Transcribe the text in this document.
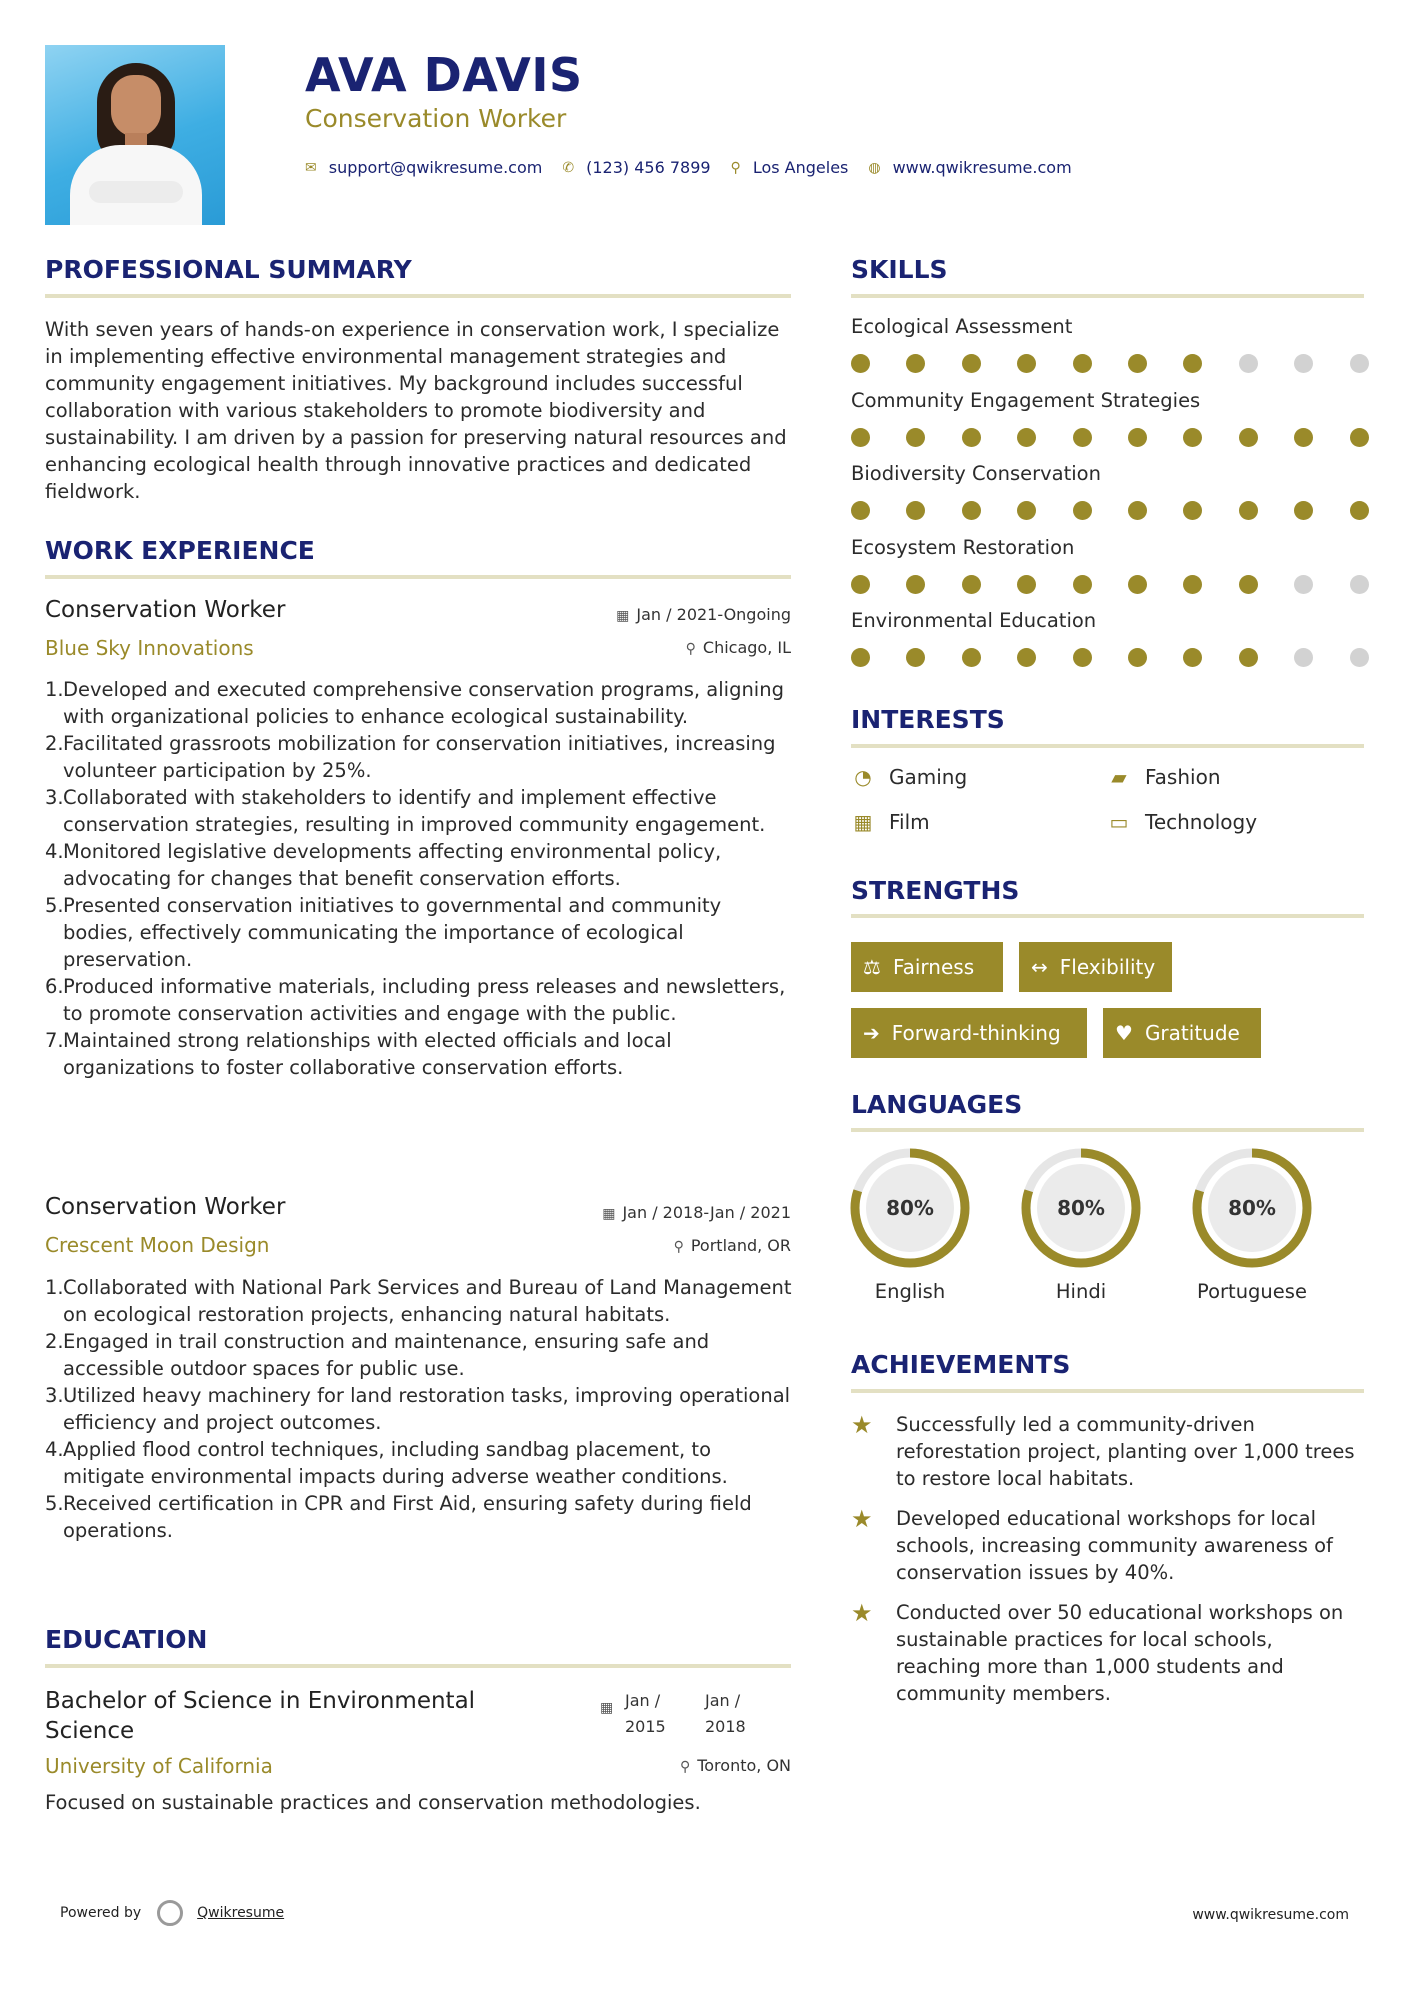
AVA DAVIS
Conservation Worker
✉ support@qwikresume.com ✆ (123) 456 7899 ⚲ Los Angeles ◍ www.qwikresume.com
PROFESSIONAL SUMMARY
With seven years of hands-on experience in conservation work, I specialize in implementing effective environmental management strategies and community engagement initiatives. My background includes successful collaboration with various stakeholders to promote biodiversity and sustainability. I am driven by a passion for preserving natural resources and enhancing ecological health through innovative practices and dedicated fieldwork.
WORK EXPERIENCE
Conservation Worker
Blue Sky Innovations
▦ Jan / 2021-Ongoing
⚲ Chicago, IL
Developed and executed comprehensive conservation programs, aligning with organizational policies to enhance ecological sustainability.
Facilitated grassroots mobilization for conservation initiatives, increasing volunteer participation by 25%.
Collaborated with stakeholders to identify and implement effective conservation strategies, resulting in improved community engagement.
Monitored legislative developments affecting environmental policy, advocating for changes that benefit conservation efforts.
Presented conservation initiatives to governmental and community bodies, effectively communicating the importance of ecological preservation.
Produced informative materials, including press releases and newsletters, to promote conservation activities and engage with the public.
Maintained strong relationships with elected officials and local organizations to foster collaborative conservation efforts.
Conservation Worker
Crescent Moon Design
▦ Jan / 2018-Jan / 2021
⚲ Portland, OR
Collaborated with National Park Services and Bureau of Land Management on ecological restoration projects, enhancing natural habitats.
Engaged in trail construction and maintenance, ensuring safe and accessible outdoor spaces for public use.
Utilized heavy machinery for land restoration tasks, improving operational efficiency and project outcomes.
Applied flood control techniques, including sandbag placement, to mitigate environmental impacts during adverse weather conditions.
Received certification in CPR and First Aid, ensuring safety during field operations.
EDUCATION
Bachelor of Science in Environmental Science
▦ Jan /
2015
Jan /
2018
University of California	⚲ Toronto, ON
Focused on sustainable practices and conservation methodologies.
SKILLS
Ecological Assessment
Community Engagement Strategies
Biodiversity Conservation
Ecosystem Restoration
Environmental Education
INTERESTS
◔ Gaming	▰ Fashion
▦ Film	▭ Technology
STRENGTHS
⚖ Fairness	↔ Flexibility
➔ Forward-thinking	♥ Gratitude
LANGUAGES
80%
English
80%
Hindi
80%
Portuguese
ACHIEVEMENTS
★	Successfully led a community-driven reforestation project, planting over 1,000 trees to restore local habitats.
★	Developed educational workshops for local schools, increasing community awareness of conservation issues by 40%.
★	Conducted over 50 educational workshops on sustainable practices for local schools, reaching more than 1,000 students and community members.
Powered by	Qwikresume	www.qwikresume.com
